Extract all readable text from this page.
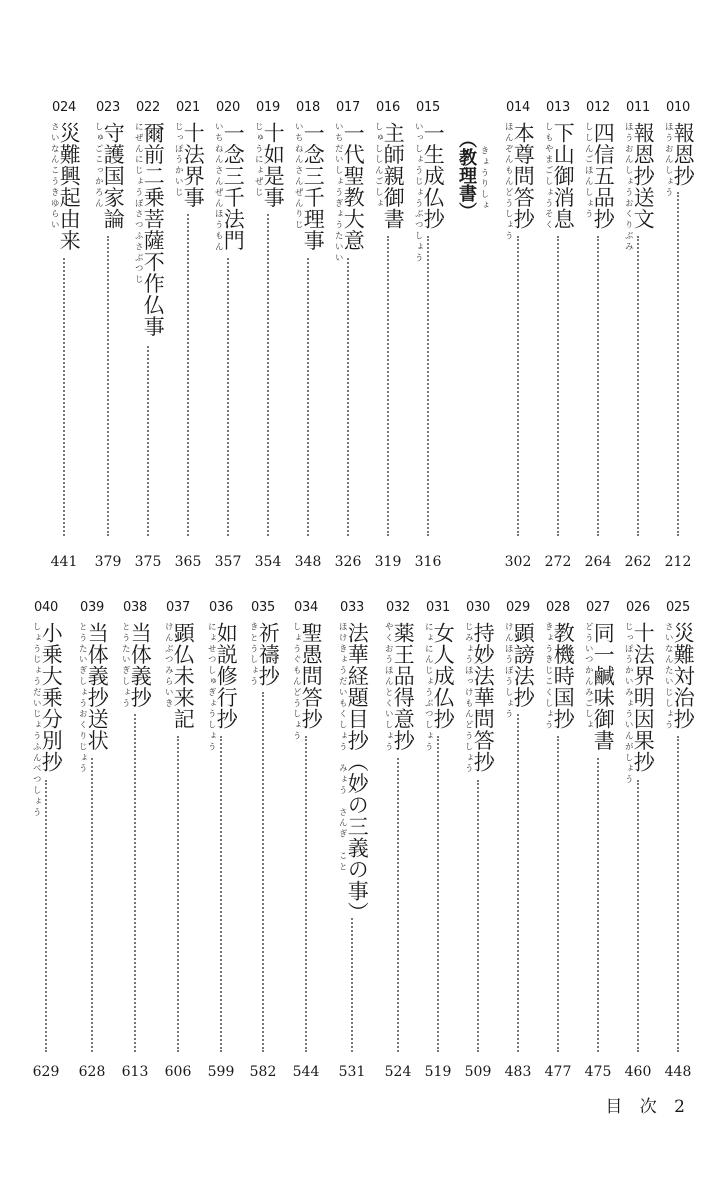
010
報恩抄
ほうおんしょう
212
011
報恩抄送文
ほうおんしょうおくりぶみ
262
012
四信五品抄
ししんごほんしょう
264
013
下山御消息
しもやまごしょうそく
272
014
本尊問答抄
ほんぞんもんどうしょう
302
（教理書） きょうりしょ
015
一生成仏抄
いっしょうじょうぶつしょう
316
016
主師親御書
しゅししんごしょ
319
017
一代聖教大意
いちだいしょうぎょうたいい
326
018
一念三千理事
いちねんさんぜんりじ
348
019
十如是事
じゅうにょぜじ
354
020
一念三千法門
いちねんさんぜんほうもん
357
021
十法界事
じっぽうかいじ
365
022
爾前二乗菩薩不作仏事
にぜんにじょうぼさつふさぶつじ
375
023
守護国家論
しゅごこっかろん
379
024
災難興起由来
さいなんこうきゆらい
441
025
災難対治抄
さいなんたいじしょう
448
026
十法界明因果抄
じっぽうかいみょういんがしょう
460
027
同一鹹味御書
どういつかんみごしょ
475
028
教機時国抄
きょうきじこくしょう
477
029
顕謗法抄
けんほうぼうしょう
483
030
持妙法華問答抄
じみょうほっけもんどうしょう
509
031
女人成仏抄
にょにんじょうぶつしょう
519
032
薬王品得意抄
やくおうほんとくいしょう
524
033
法華経題目抄（妙の三義の事）
ほけきょうだいもくしょう　みょう　さんぎ　こと
531
034
聖愚問答抄
しょうぐもんどうしょう
544
035
祈禱抄
きとうしょう
582
036
如説修行抄
にょせつしゅぎょうしょう
599
037
顕仏未来記
けんぶつみらいき
606
038
当体義抄
とうたいぎしょう
613
039
当体義抄送状
とうたいぎしょうおくりじょう
628
040
小乗大乗分別抄
しょうじょうだいじょうふんべつしょう
629
目 次 2
